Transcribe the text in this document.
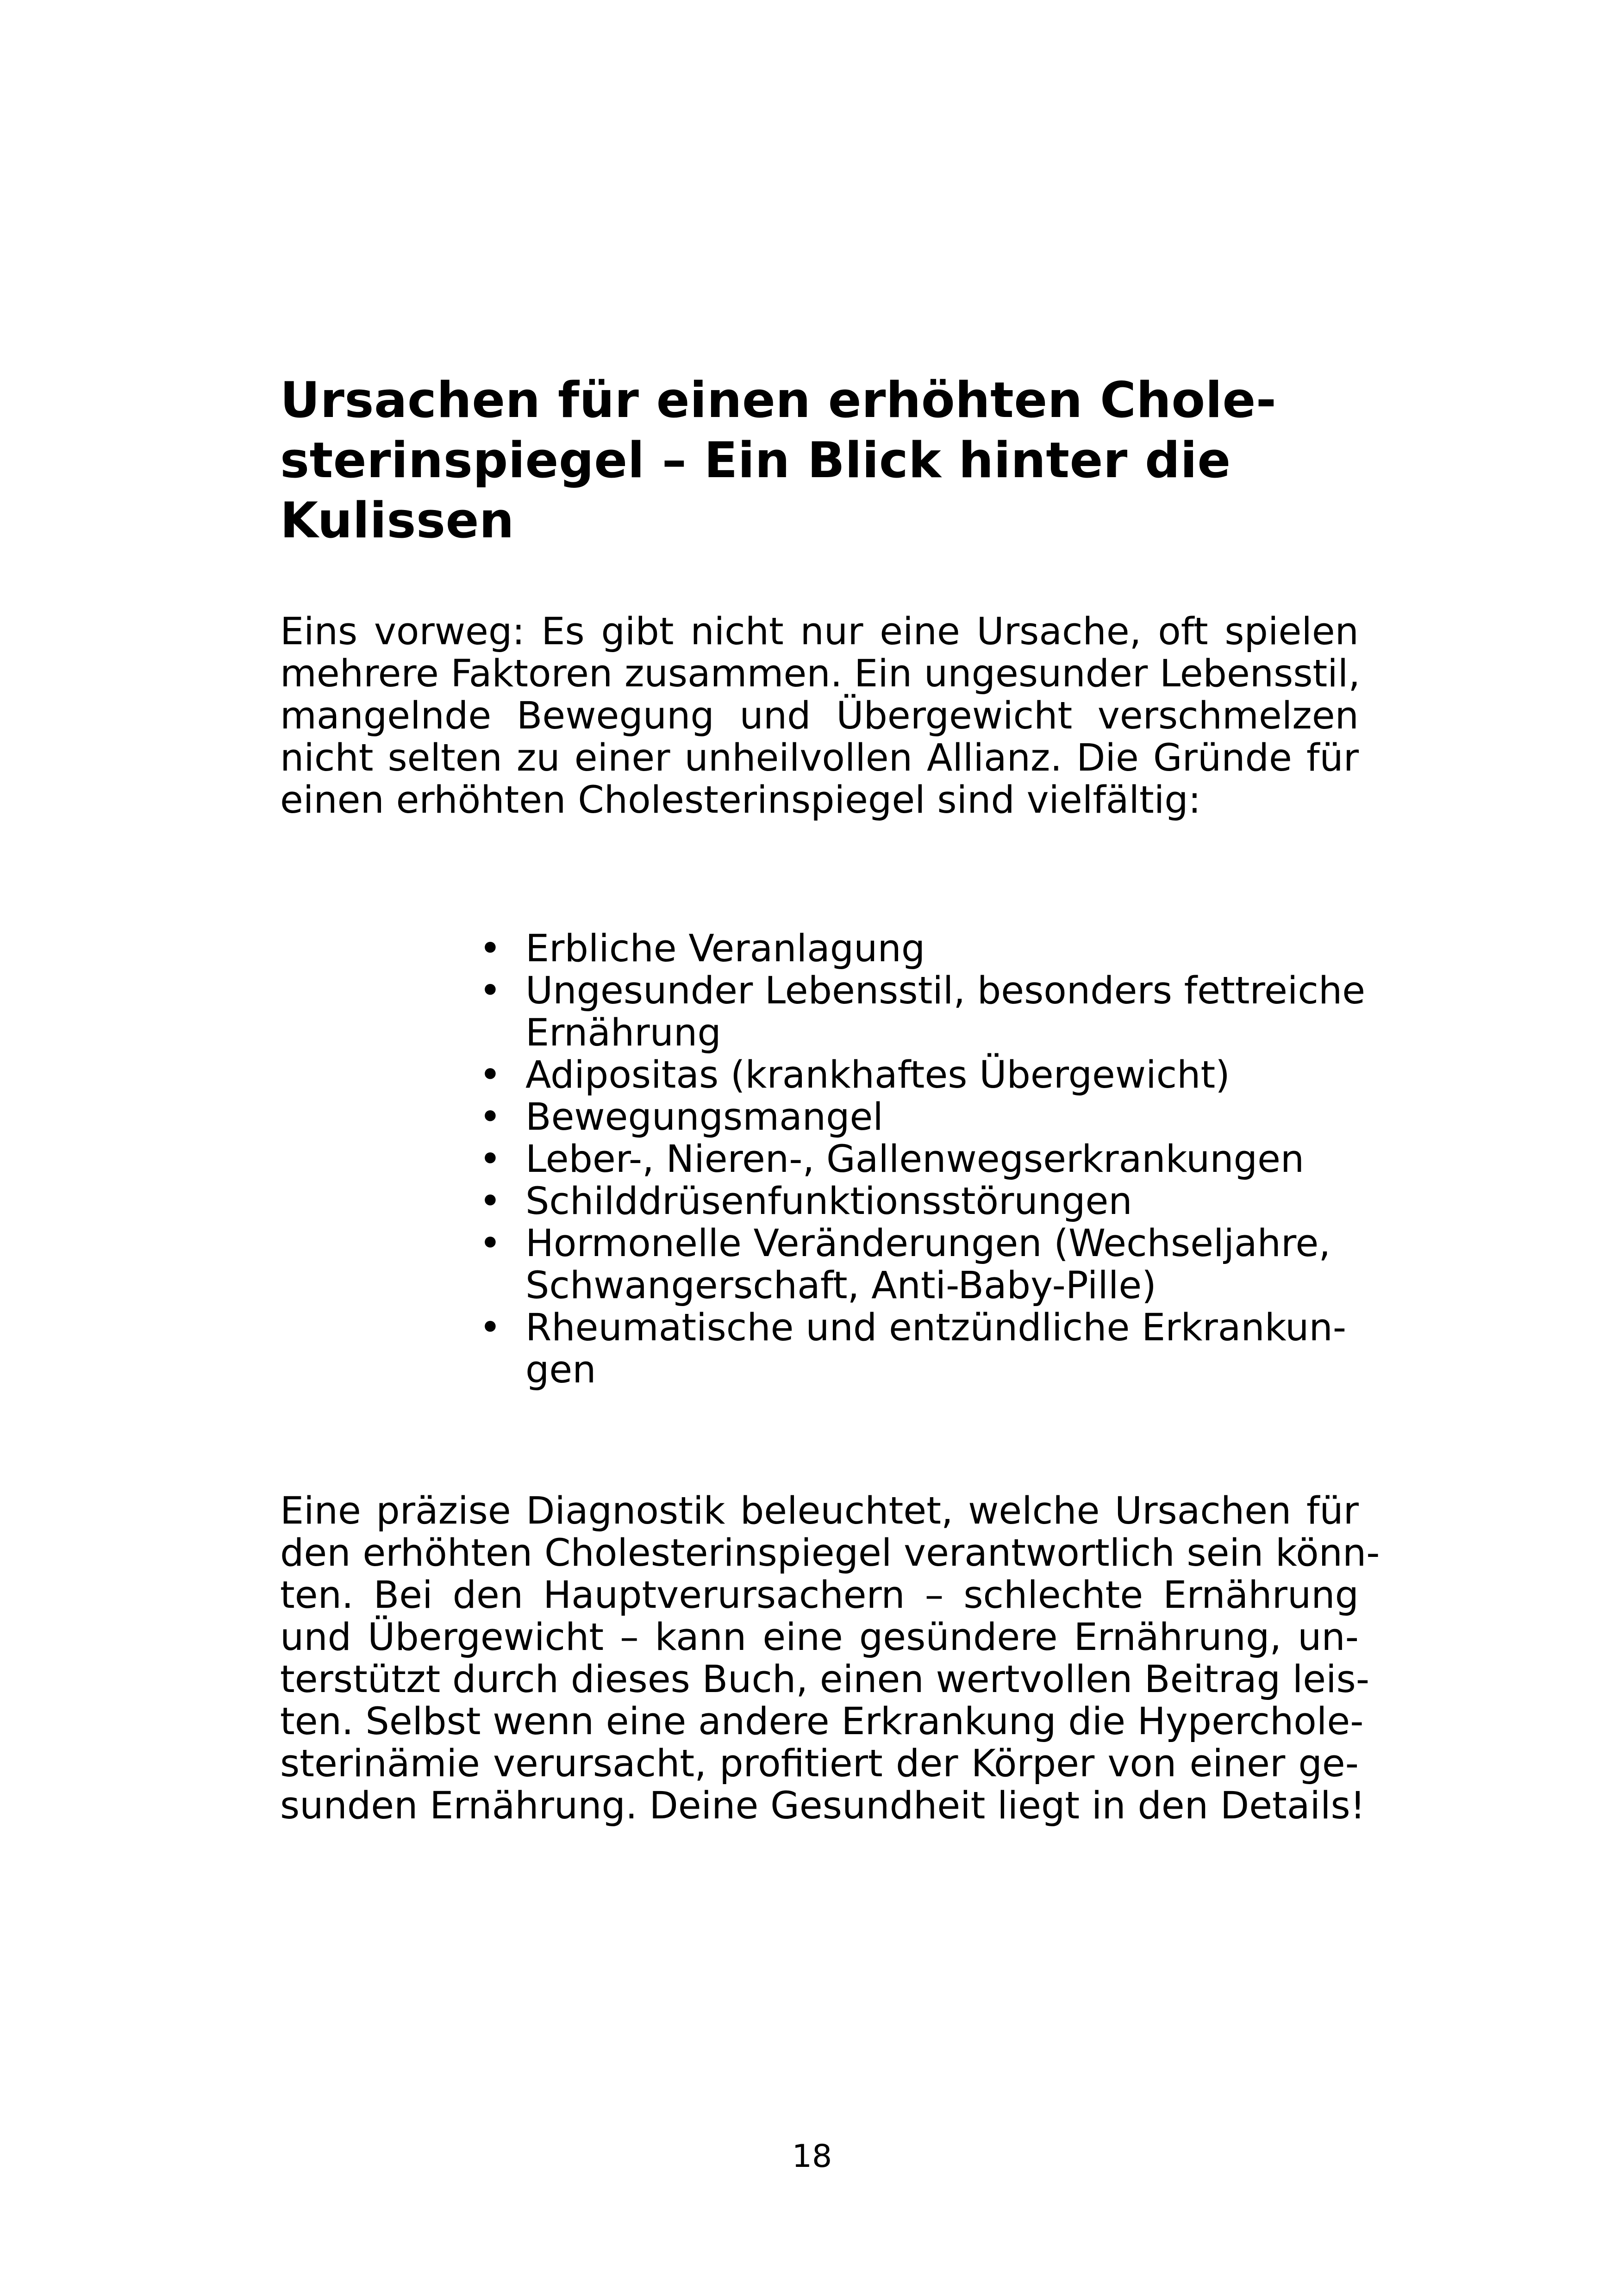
Ursachen für einen erhöhten Chole-
sterinspiegel – Ein Blick hinter die
Kulissen

Eins vorweg: Es gibt nicht nur eine Ursache, oft spielen
mehrere Faktoren zusammen. Ein ungesunder Lebensstil,
mangelnde Bewegung und Übergewicht verschmelzen
nicht selten zu einer unheilvollen Allianz. Die Gründe für
einen erhöhten Cholesterinspiegel sind vielfältig:

• Erbliche Veranlagung
• Ungesunder Lebensstil, besonders fettreiche
Ernährung
• Adipositas (krankhaftes Übergewicht)
• Bewegungsmangel
• Leber-, Nieren-, Gallenwegserkrankungen
• Schilddrüsenfunktionsstörungen
• Hormonelle Veränderungen (Wechseljahre,
Schwangerschaft, Anti-Baby-Pille)
• Rheumatische und entzündliche Erkrankun-
gen

Eine präzise Diagnostik beleuchtet, welche Ursachen für
den erhöhten Cholesterinspiegel verantwortlich sein könn-
ten. Bei den Hauptverursachern – schlechte Ernährung
und Übergewicht – kann eine gesündere Ernährung, un-
terstützt durch dieses Buch, einen wertvollen Beitrag leis-
ten. Selbst wenn eine andere Erkrankung die Hyperchole-
sterinämie verursacht, profitiert der Körper von einer ge-
sunden Ernährung. Deine Gesundheit liegt in den Details!

18
